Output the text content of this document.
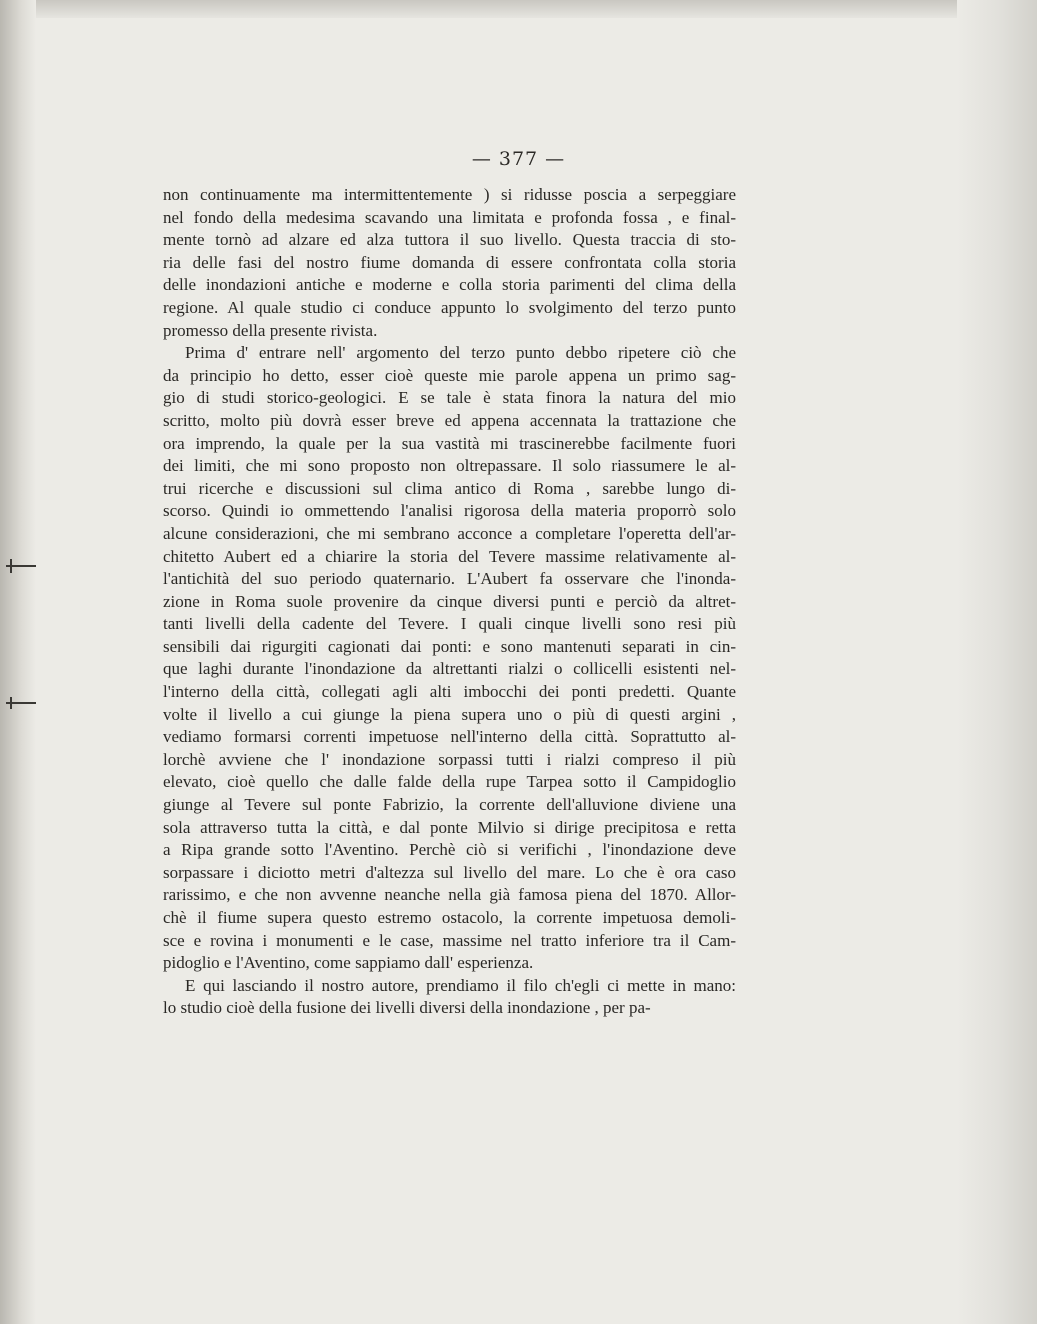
— 377 —
non continuamente ma intermittentemente ) si ridusse poscia a serpeggiare
nel fondo della medesima scavando una limitata e profonda fossa , e final-
mente tornò ad alzare ed alza tuttora il suo livello. Questa traccia di sto-
ria delle fasi del nostro fiume domanda di essere confrontata colla storia
delle inondazioni antiche e moderne e colla storia parimenti del clima della
regione. Al quale studio ci conduce appunto lo svolgimento del terzo punto
promesso della presente rivista.
Prima d' entrare nell' argomento del terzo punto debbo ripetere ciò che
da principio ho detto, esser cioè queste mie parole appena un primo sag-
gio di studi storico-geologici. E se tale è stata finora la natura del mio
scritto, molto più dovrà esser breve ed appena accennata la trattazione che
ora imprendo, la quale per la sua vastità mi trascinerebbe facilmente fuori
dei limiti, che mi sono proposto non oltrepassare. Il solo riassumere le al-
trui ricerche e discussioni sul clima antico di Roma , sarebbe lungo di-
scorso. Quindi io ommettendo l'analisi rigorosa della materia proporrò solo
alcune considerazioni, che mi sembrano acconce a completare l'operetta dell'ar-
chitetto Aubert ed a chiarire la storia del Tevere massime relativamente al-
l'antichità del suo periodo quaternario. L'Aubert fa osservare che l'inonda-
zione in Roma suole provenire da cinque diversi punti e perciò da altret-
tanti livelli della cadente del Tevere. I quali cinque livelli sono resi più
sensibili dai rigurgiti cagionati dai ponti: e sono mantenuti separati in cin-
que laghi durante l'inondazione da altrettanti rialzi o collicelli esistenti nel-
l'interno della città, collegati agli alti imbocchi dei ponti predetti. Quante
volte il livello a cui giunge la piena supera uno o più di questi argini ,
vediamo formarsi correnti impetuose nell'interno della città. Soprattutto al-
lorchè avviene che l' inondazione sorpassi tutti i rialzi compreso il più
elevato, cioè quello che dalle falde della rupe Tarpea sotto il Campidoglio
giunge al Tevere sul ponte Fabrizio, la corrente dell'alluvione diviene una
sola attraverso tutta la città, e dal ponte Milvio si dirige precipitosa e retta
a Ripa grande sotto l'Aventino. Perchè ciò si verifichi , l'inondazione deve
sorpassare i diciotto metri d'altezza sul livello del mare. Lo che è ora caso
rarissimo, e che non avvenne neanche nella già famosa piena del 1870. Allor-
chè il fiume supera questo estremo ostacolo, la corrente impetuosa demoli-
sce e rovina i monumenti e le case, massime nel tratto inferiore tra il Cam-
pidoglio e l'Aventino, come sappiamo dall' esperienza.
E qui lasciando il nostro autore, prendiamo il filo ch'egli ci mette in mano:
lo studio cioè della fusione dei livelli diversi della inondazione , per pa-
